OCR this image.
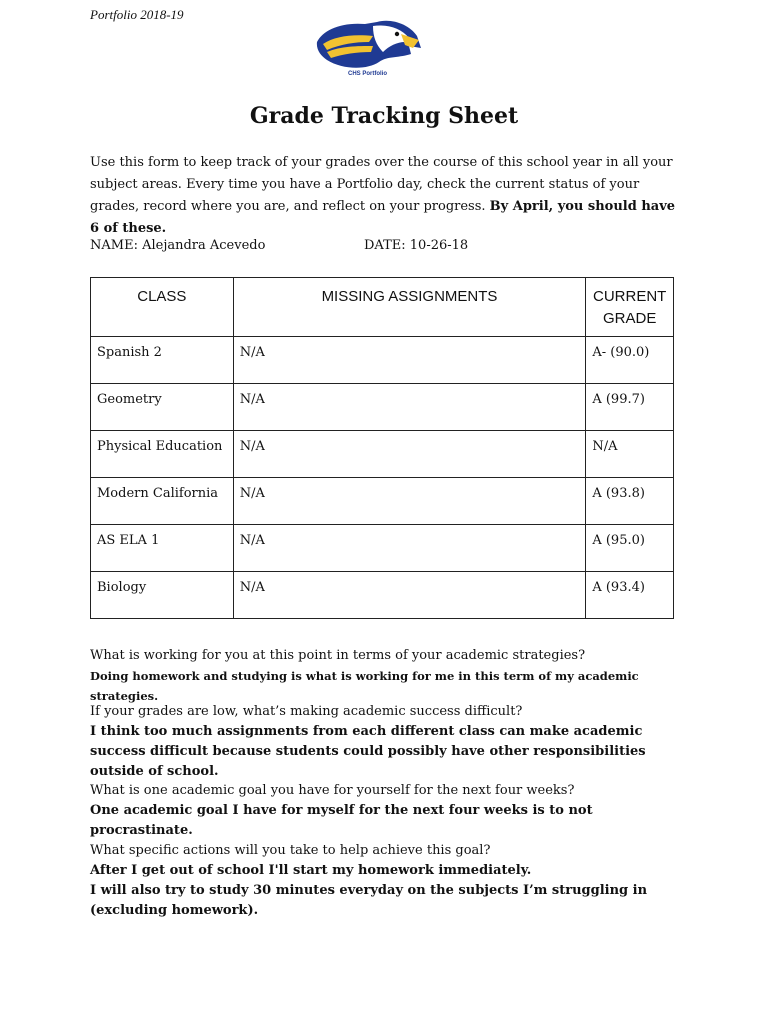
Portfolio 2018-19
CHS Portfolio
Grade Tracking Sheet
Use this form to keep track of your grades over the course of this school year in all your subject areas. Every time you have a Portfolio day, check the current status of your grades, record where you are, and reflect on your progress. By April, you should have 6 of these.
NAME: Alejandra Acevedo	DATE: 10-26-18
CLASS	MISSING ASSIGNMENTS	CURRENT GRADE
Spanish 2	N/A	A- (90.0)
Geometry	N/A	A (99.7)
Physical Education	N/A	N/A
Modern California	N/A	A (93.8)
AS ELA 1	N/A	A (95.0)
Biology	N/A	A (93.4)

What is working for you at this point in terms of your academic strategies?

Doing homework and studying is what is working for me in this term of my academic strategies.

If your grades are low, what’s making academic success difficult?

I think too much assignments from each different class can make academic success difficult because students could possibly have other responsibilities outside of school.

What is one academic goal you have for yourself for the next four weeks?

One academic goal I have for myself for the next four weeks is to not procrastinate.

What specific actions will you take to help achieve this goal?

After I get out of school I'll start my homework immediately.

I will also try to study 30 minutes everyday on the subjects I’m struggling in (excluding homework).
